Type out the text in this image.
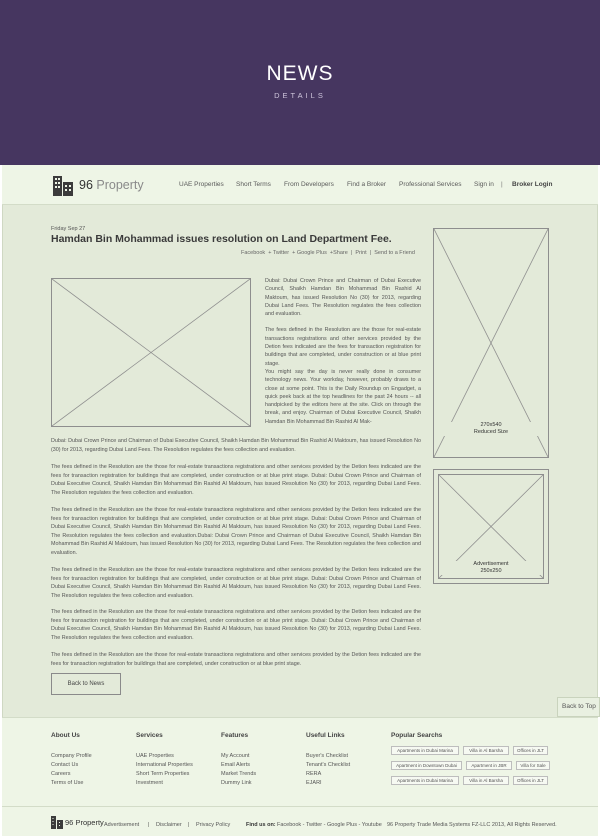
NEWS
DETAILS
96 Property	UAE Properties Short Terms From Developers Find a Broker Professional Services Sign in | Broker Login
Friday Sep 27
Hamdan Bin Mohammad issues resolution on Land Department Fee.
Facebook + Twitter + Google Plus +Share | Print | Send to a Friend

Dubai: Dubai Crown Prince and Chairman of Dubai Executive Council, Shaikh Hamdan Bin Mohammad Bin Rashid Al Maktoum, has issued Resolution No (30) for 2013, regarding Dubai Land Fees. The Resolution regulates the fees collection and evaluation.

The fees defined in the Resolution are the those for real-estate transactions registrations and other services provided by the Detion fees indicated are the fees for transaction registration for buildings that are completed, under construction or at blue print stage.

You might say the day is never really done in consumer technology news. Your workday, however, probably draws to a close at some point. This is the Daily Roundup on Engadget, a quick peek back at the top headlines for the past 24 hours -- all handpicked by the editors here at the site. Click on through the break, and enjoy. Chairman of Dubai Executive Council, Shaikh Hamdan Bin Mohammad Bin Rashid Al Mak-

Dubai: Dubai Crown Prince and Chairman of Dubai Executive Council, Shaikh Hamdan Bin Mohammad Bin Rashid Al Maktoum, has issued Resolution No (30) for 2013, regarding Dubai Land Fees. The Resolution regulates the fees collection and evaluation.
The fees defined in the Resolution are the those for real-estate transactions registrations and other services provided by the Detion fees indicated are the fees for transaction registration for buildings that are completed, under construction or at blue print stage. Dubai: Dubai Crown Prince and Chairman of Dubai Executive Council, Shaikh Hamdan Bin Mohammad Bin Rashid Al Maktoum, has issued Resolution No (30) for 2013, regarding Dubai Land Fees. The Resolution regulates the fees collection and evaluation.
The fees defined in the Resolution are the those for real-estate transactions registrations and other services provided by the Detion fees indicated are the fees for transaction registration for buildings that are completed, under construction or at blue print stage. Dubai: Dubai Crown Prince and Chairman of Dubai Executive Council, Shaikh Hamdan Bin Mohammad Bin Rashid Al Maktoum, has issued Resolution No (30) for 2013, regarding Dubai Land Fees. The Resolution regulates the fees collection and evaluation.Dubai: Dubai Crown Prince and Chairman of Dubai Executive Council, Shaikh Hamdan Bin Mohammad Bin Rashid Al Maktoum, has issued Resolution No (30) for 2013, regarding Dubai Land Fees. The Resolution regulates the fees collection and evaluation.
The fees defined in the Resolution are the those for real-estate transactions registrations and other services provided by the Detion fees indicated are the fees for transaction registration for buildings that are completed, under construction or at blue print stage. Dubai: Dubai Crown Prince and Chairman of Dubai Executive Council, Shaikh Hamdan Bin Mohammad Bin Rashid Al Maktoum, has issued Resolution No (30) for 2013, regarding Dubai Land Fees. The Resolution regulates the fees collection and evaluation.
The fees defined in the Resolution are the those for real-estate transactions registrations and other services provided by the Detion fees indicated are the fees for transaction registration for buildings that are completed, under construction or at blue print stage. Dubai: Dubai Crown Prince and Chairman of Dubai Executive Council, Shaikh Hamdan Bin Mohammad Bin Rashid Al Maktoum, has issued Resolution No (30) for 2013, regarding Dubai Land Fees. The Resolution regulates the fees collection and evaluation.
The fees defined in the Resolution are the those for real-estate transactions registrations and other services provided by the Detion fees indicated are the fees for transaction registration for buildings that are completed, under construction or at blue print stage.
Back to News
270x540
Reduced Size
Advertisement
250x250
Back to Top
About Us
Company Profile
Contact Us
Careers
Terms of Use
Services
UAE Properties
International Properties
Short Term Properties
Investment
Features
My Account
Email Alerts
Market Trends
Dummy Link
Useful Links
Buyer's Checklist
Tenant's Checklist
RERA
EJARI
Popular Searchs
Apartments in Dubai Marina	Villa in Al Barsha	Offices in JLT
Apartment in Downtown Dubai	Apartment in JBR	Villa for Sale
Apartments in Dubai Marina	Villa in Al Barsha	Offices in JLT
96 Property Advertisement | Disclaimer | Privacy Policy	Find us on: Facebook - Twitter - Google Plus - Youtube 96 Property Trade Media Systems FZ-LLC 2013, All Rights Reserved.
